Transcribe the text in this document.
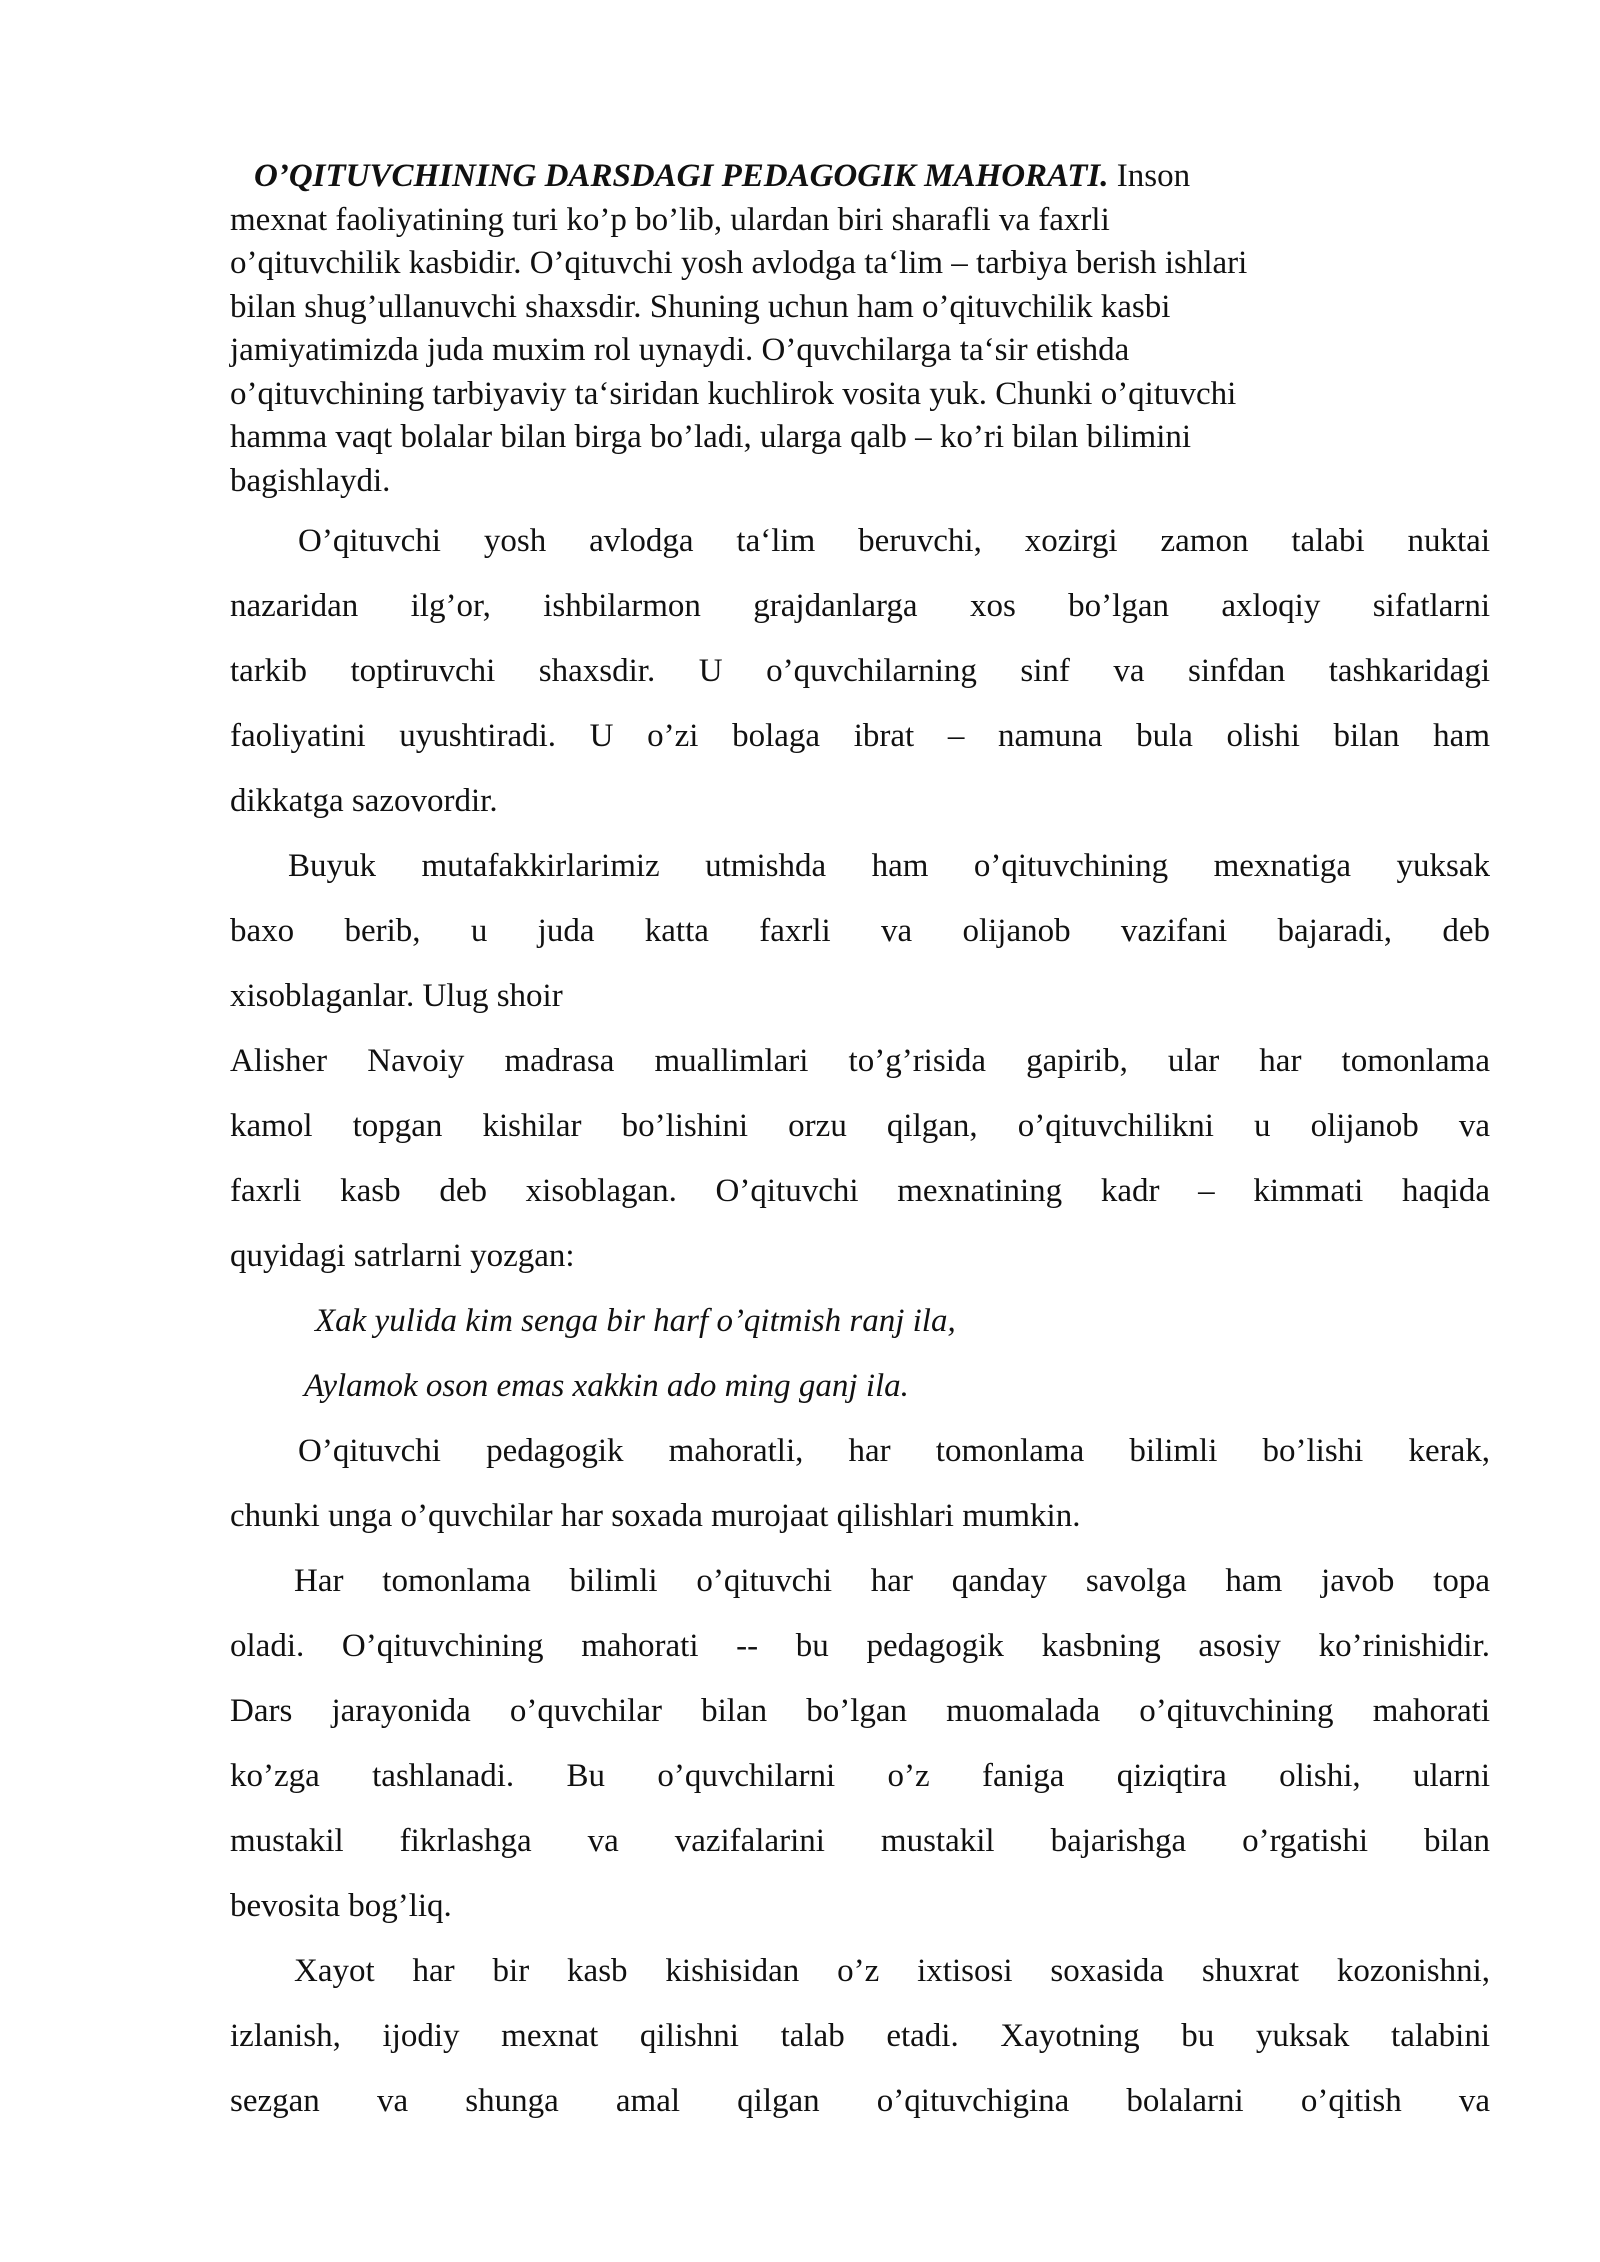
O’QITUVCHINING DARSDAGI PEDAGOGIK MAHORATI. Inson
mexnat faoliyatining turi ko’p bo’lib, ulardan biri sharafli va faxrli
o’qituvchilik kasbidir. O’qituvchi yosh avlodga ta‘lim – tarbiya berish ishlari
bilan shug’ullanuvchi shaxsdir. Shuning uchun ham o’qituvchilik kasbi
jamiyatimizda juda muxim rol uynaydi. O’quvchilarga ta‘sir etishda
o’qituvchining tarbiyaviy ta‘siridan kuchlirok vosita yuk. Chunki o’qituvchi
hamma vaqt bolalar bilan birga bo’ladi, ularga qalb – ko’ri bilan bilimini
bagishlaydi.
O’qituvchi yosh avlodga ta‘lim beruvchi, xozirgi zamon talabi nuktai
nazaridan ilg’or, ishbilarmon grajdanlarga xos bo’lgan axloqiy sifatlarni
tarkib toptiruvchi shaxsdir. U o’quvchilarning sinf va sinfdan tashkaridagi
faoliyatini uyushtiradi. U o’zi bolaga ibrat – namuna bula olishi bilan ham
dikkatga sazovordir.
Buyuk mutafakkirlarimiz utmishda ham o’qituvchining mexnatiga yuksak
baxo berib, u juda katta faxrli va olijanob vazifani bajaradi, deb
xisoblaganlar. Ulug shoir
Alisher Navoiy madrasa muallimlari to’g’risida gapirib, ular har tomonlama
kamol topgan kishilar bo’lishini orzu qilgan, o’qituvchilikni u olijanob va
faxrli kasb deb xisoblagan. O’qituvchi mexnatining kadr – kimmati haqida
quyidagi satrlarni yozgan:
Xak yulida kim senga bir harf o’qitmish ranj ila,
Aylamok oson emas xakkin ado ming ganj ila.
O’qituvchi pedagogik mahoratli, har tomonlama bilimli bo’lishi kerak,
chunki unga o’quvchilar har soxada murojaat qilishlari mumkin.
Har tomonlama bilimli o’qituvchi har qanday savolga ham javob topa
oladi. O’qituvchining mahorati -- bu pedagogik kasbning asosiy ko’rinishidir.
Dars jarayonida o’quvchilar bilan bo’lgan muomalada o’qituvchining mahorati
ko’zga tashlanadi. Bu o’quvchilarni o’z faniga qiziqtira olishi, ularni
mustakil fikrlashga va vazifalarini mustakil bajarishga o’rgatishi bilan
bevosita bog’liq.
Xayot har bir kasb kishisidan o’z ixtisosi soxasida shuxrat kozonishni,
izlanish, ijodiy mexnat qilishni talab etadi. Xayotning bu yuksak talabini
sezgan va shunga amal qilgan o’qituvchigina bolalarni o’qitish va
